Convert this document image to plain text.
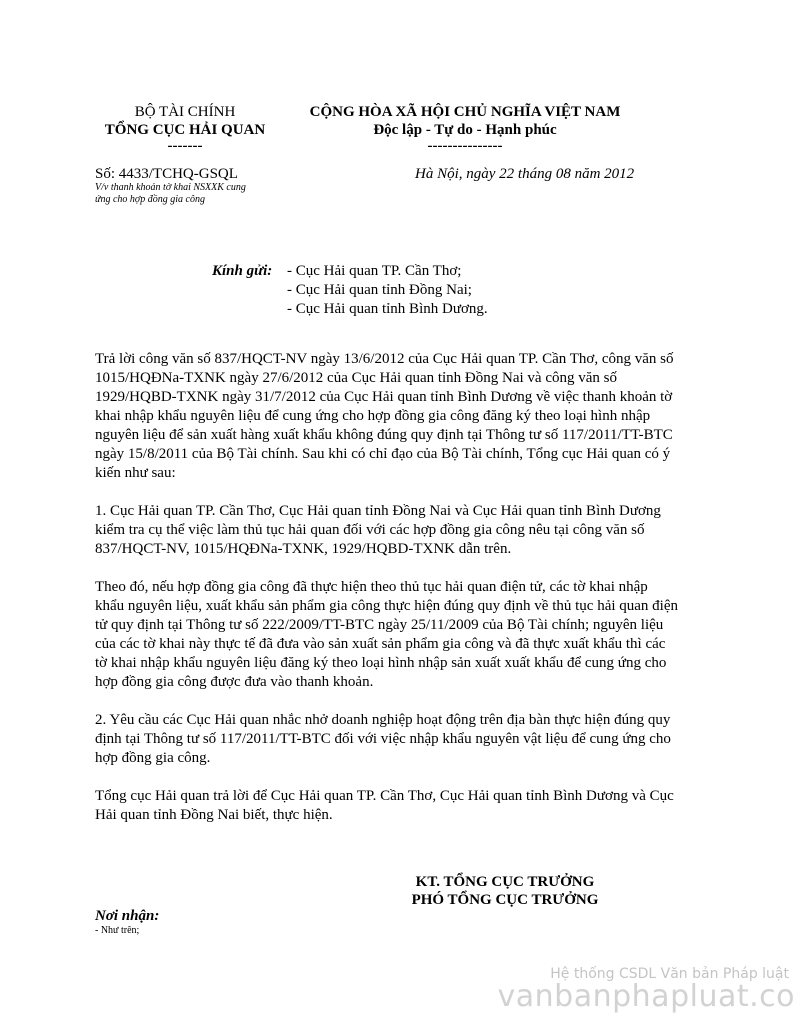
BỘ TÀI CHÍNH
TỔNG CỤC HẢI QUAN
-------
CỘNG HÒA XÃ HỘI CHỦ NGHĨA VIỆT NAM
Độc lập - Tự do - Hạnh phúc
---------------
Số: 4433/TCHQ-GSQL
V/v thanh khoản tờ khai NSXXK cung
ứng cho hợp đồng gia công
Hà Nội, ngày 22 tháng 08 năm 2012
Kính gửi: - Cục Hải quan TP. Cần Thơ;
- Cục Hải quan tỉnh Đồng Nai;
- Cục Hải quan tỉnh Bình Dương.
Trả lời công văn số 837/HQCT-NV ngày 13/6/2012 của Cục Hải quan TP. Cần Thơ, công văn số
1015/HQĐNa-TXNK ngày 27/6/2012 của Cục Hải quan tỉnh Đồng Nai và công văn số
1929/HQBD-TXNK ngày 31/7/2012 của Cục Hải quan tỉnh Bình Dương về việc thanh khoản tờ
khai nhập khẩu nguyên liệu để cung ứng cho hợp đồng gia công đăng ký theo loại hình nhập
nguyên liệu để sản xuất hàng xuất khẩu không đúng quy định tại Thông tư số 117/2011/TT-BTC
ngày 15/8/2011 của Bộ Tài chính. Sau khi có chỉ đạo của Bộ Tài chính, Tổng cục Hải quan có ý
kiến như sau:
1. Cục Hải quan TP. Cần Thơ, Cục Hải quan tỉnh Đồng Nai và Cục Hải quan tỉnh Bình Dương
kiểm tra cụ thể việc làm thủ tục hải quan đối với các hợp đồng gia công nêu tại công văn số
837/HQCT-NV, 1015/HQĐNa-TXNK, 1929/HQBD-TXNK dẫn trên.
Theo đó, nếu hợp đồng gia công đã thực hiện theo thủ tục hải quan điện tử, các tờ khai nhập
khẩu nguyên liệu, xuất khẩu sản phẩm gia công thực hiện đúng quy định về thủ tục hải quan điện
tử quy định tại Thông tư số 222/2009/TT-BTC ngày 25/11/2009 của Bộ Tài chính; nguyên liệu
của các tờ khai này thực tế đã đưa vào sản xuất sản phẩm gia công và đã thực xuất khẩu thì các
tờ khai nhập khẩu nguyên liệu đăng ký theo loại hình nhập sản xuất xuất khẩu để cung ứng cho
hợp đồng gia công được đưa vào thanh khoản.
2. Yêu cầu các Cục Hải quan nhắc nhở doanh nghiệp hoạt động trên địa bàn thực hiện đúng quy
định tại Thông tư số 117/2011/TT-BTC đối với việc nhập khẩu nguyên vật liệu để cung ứng cho
hợp đồng gia công.
Tổng cục Hải quan trả lời để Cục Hải quan TP. Cần Thơ, Cục Hải quan tỉnh Bình Dương và Cục
Hải quan tỉnh Đồng Nai biết, thực hiện.
KT. TỔNG CỤC TRƯỞNG
PHÓ TỔNG CỤC TRƯỞNG
Nơi nhận:
- Như trên;
Hệ thống CSDL Văn bản Pháp luật
vanbanphapluat.co
